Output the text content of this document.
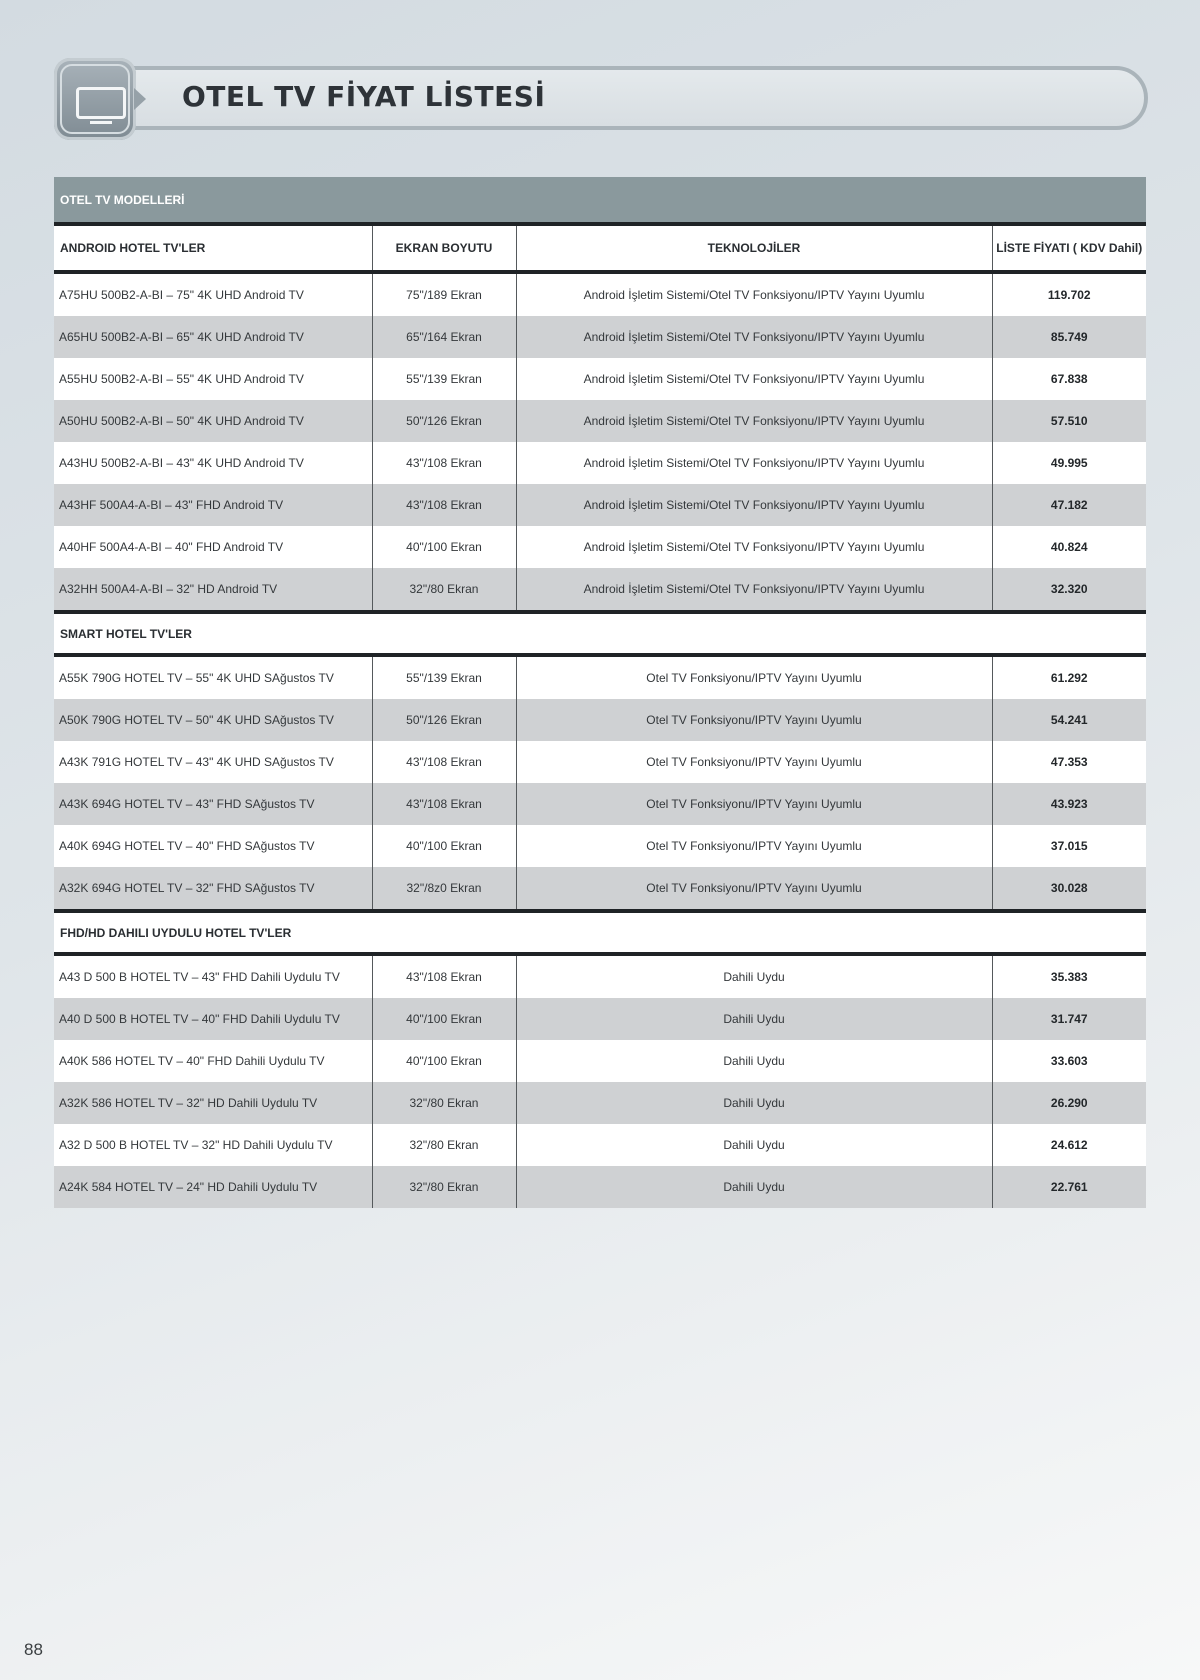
OTEL TV FİYAT LİSTESİ
OTEL TV MODELLERİ			
ANDROID HOTEL TV'LER	EKRAN BOYUTU	TEKNOLOJİLER	LİSTE FİYATI ( KDV Dahil)
A75HU 500B2-A-BI – 75" 4K UHD Android TV	75"/189 Ekran	Android İşletim Sistemi/Otel TV Fonksiyonu/IPTV Yayını Uyumlu	119.702
A65HU 500B2-A-BI – 65" 4K UHD Android TV	65"/164 Ekran	Android İşletim Sistemi/Otel TV Fonksiyonu/IPTV Yayını Uyumlu	85.749
A55HU 500B2-A-BI – 55" 4K UHD Android TV	55"/139 Ekran	Android İşletim Sistemi/Otel TV Fonksiyonu/IPTV Yayını Uyumlu	67.838
A50HU 500B2-A-BI – 50" 4K UHD Android TV	50"/126 Ekran	Android İşletim Sistemi/Otel TV Fonksiyonu/IPTV Yayını Uyumlu	57.510
A43HU 500B2-A-BI – 43" 4K UHD Android TV	43"/108 Ekran	Android İşletim Sistemi/Otel TV Fonksiyonu/IPTV Yayını Uyumlu	49.995
A43HF 500A4-A-BI – 43" FHD Android TV	43"/108 Ekran	Android İşletim Sistemi/Otel TV Fonksiyonu/IPTV Yayını Uyumlu	47.182
A40HF 500A4-A-BI – 40" FHD Android TV	40"/100 Ekran	Android İşletim Sistemi/Otel TV Fonksiyonu/IPTV Yayını Uyumlu	40.824
A32HH 500A4-A-BI – 32" HD Android TV	32"/80 Ekran	Android İşletim Sistemi/Otel TV Fonksiyonu/IPTV Yayını Uyumlu	32.320
SMART HOTEL TV'LER			
A55K 790G HOTEL TV – 55" 4K UHD SAğustos TV	55"/139 Ekran	Otel TV Fonksiyonu/IPTV Yayını Uyumlu	61.292
A50K 790G HOTEL TV – 50" 4K UHD SAğustos TV	50"/126 Ekran	Otel TV Fonksiyonu/IPTV Yayını Uyumlu	54.241
A43K 791G HOTEL TV – 43" 4K UHD SAğustos TV	43"/108 Ekran	Otel TV Fonksiyonu/IPTV Yayını Uyumlu	47.353
A43K 694G HOTEL TV – 43" FHD SAğustos TV	43"/108 Ekran	Otel TV Fonksiyonu/IPTV Yayını Uyumlu	43.923
A40K 694G HOTEL TV – 40" FHD SAğustos TV	40"/100 Ekran	Otel TV Fonksiyonu/IPTV Yayını Uyumlu	37.015
A32K 694G HOTEL TV – 32" FHD SAğustos TV	32"/8z0 Ekran	Otel TV Fonksiyonu/IPTV Yayını Uyumlu	30.028
FHD/HD DAHILI UYDULU HOTEL TV'LER			
A43 D 500 B HOTEL TV – 43" FHD Dahili Uydulu TV	43"/108 Ekran	Dahili Uydu	35.383
A40 D 500 B HOTEL TV – 40" FHD Dahili Uydulu TV	40"/100 Ekran	Dahili Uydu	31.747
A40K 586 HOTEL TV – 40" FHD Dahili Uydulu TV	40"/100 Ekran	Dahili Uydu	33.603
A32K 586 HOTEL TV – 32" HD Dahili Uydulu TV	32"/80 Ekran	Dahili Uydu	26.290
A32 D 500 B HOTEL TV – 32" HD Dahili Uydulu TV	32"/80 Ekran	Dahili Uydu	24.612
A24K 584 HOTEL TV – 24" HD Dahili Uydulu TV	32"/80 Ekran	Dahili Uydu	22.761
88
